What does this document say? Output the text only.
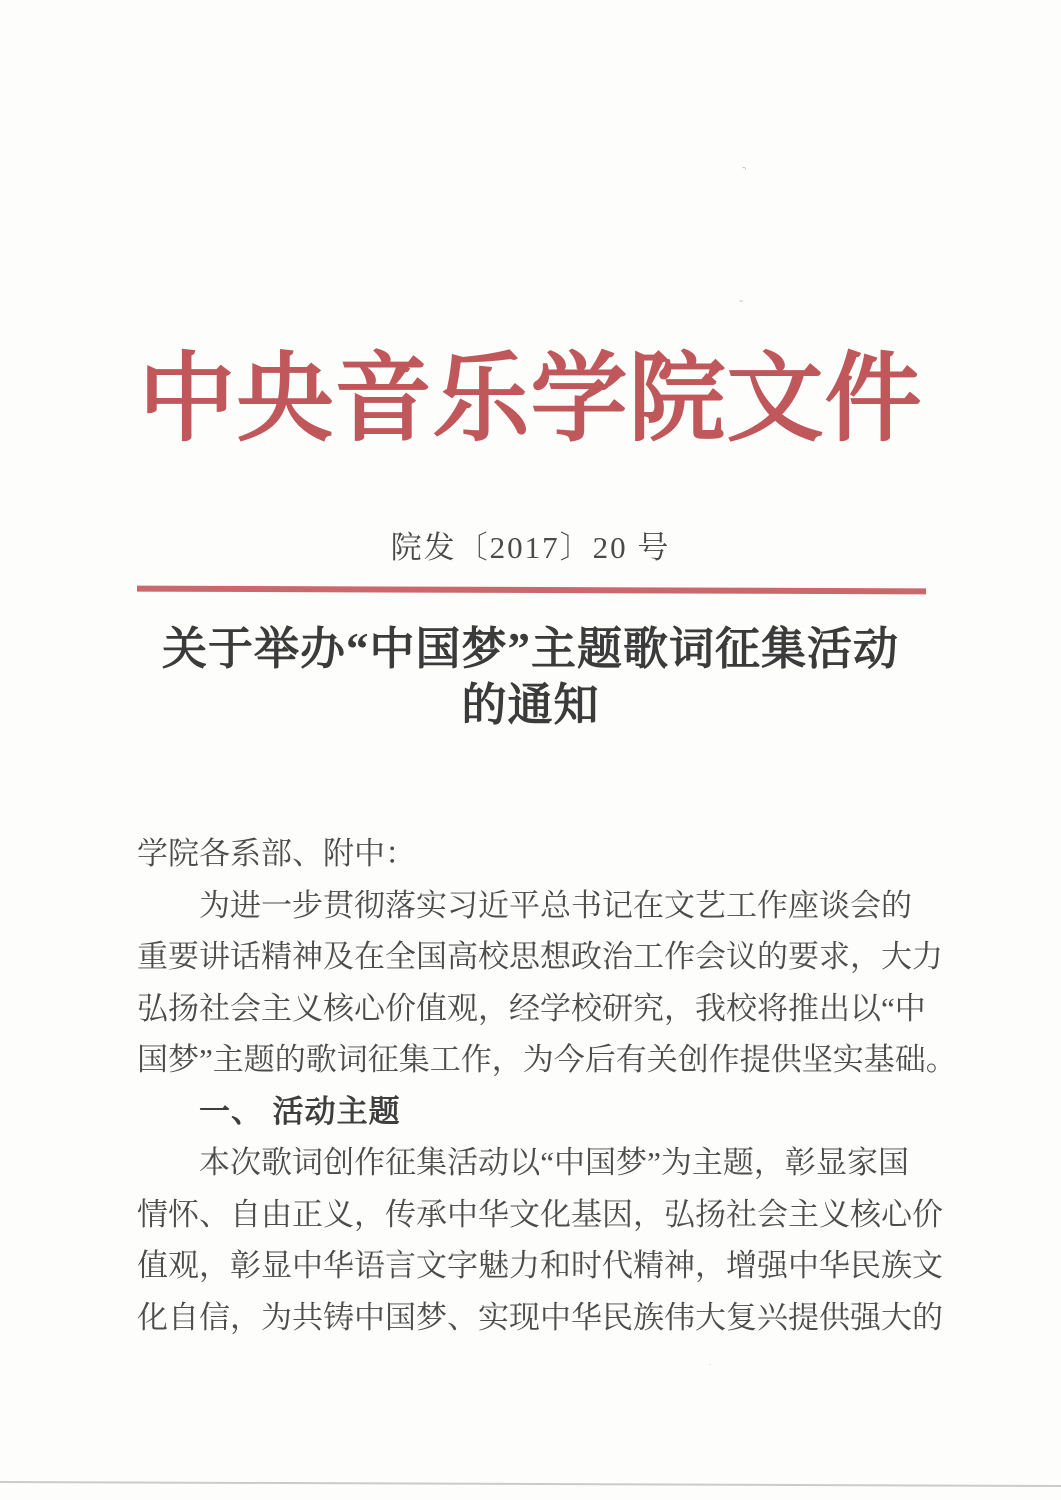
ᵔ
ᵕ
中央音乐学院文件
院发〔2017〕20 号
关于举办“中国梦”主题歌词征集活动
的通知
学院各系部、附中：
为进一步贯彻落实习近平总书记在文艺工作座谈会的
重要讲话精神及在全国高校思想政治工作会议的要求，大力
弘扬社会主义核心价值观，经学校研究，我校将推出以“中
国梦”主题的歌词征集工作，为今后有关创作提供坚实基础。
一、 活动主题
本次歌词创作征集活动以“中国梦”为主题，彰显家国
情怀、自由正义，传承中华文化基因，弘扬社会主义核心价
值观，彰显中华语言文字魅力和时代精神，增强中华民族文
化自信，为共铸中国梦、实现中华民族伟大复兴提供强大的
·
